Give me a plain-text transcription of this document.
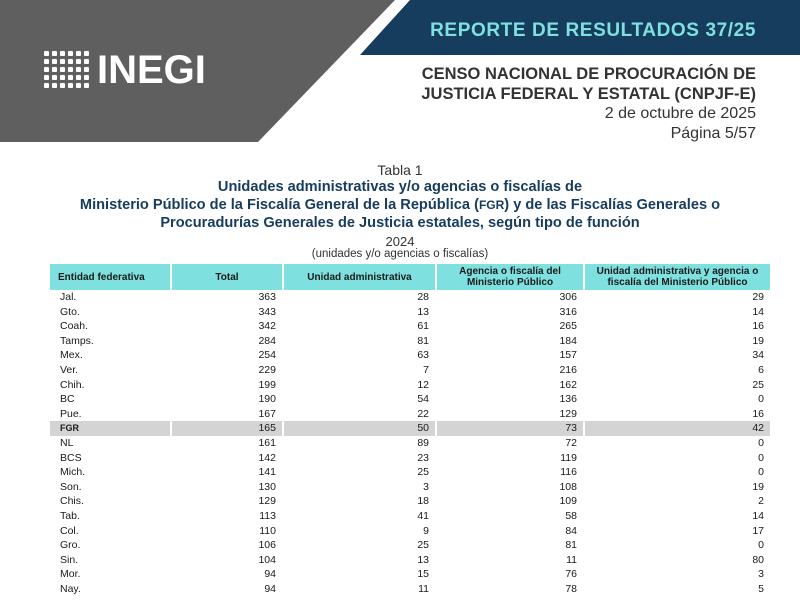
REPORTE DE RESULTADOS 37/25
INEGI	CENSO NACIONAL DE PROCURACIÓN DE
JUSTICIA FEDERAL Y ESTATAL (CNPJF-E)
2 de octubre de 2025
Página 5/57
Tabla 1
Unidades administrativas y/o agencias o fiscalías de
Ministerio Público de la Fiscalía General de la República (FGR) y de las Fiscalías Generales o
Procuradurías Generales de Justicia estatales, según tipo de función
2024
(unidades y/o agencias o fiscalías)
Entidad federativa	Total	Unidad administrativa	Agencia o fiscalía del Ministerio Público	Unidad administrativa y agencia o fiscalía del Ministerio Público
Jal.	363	28	306	29
Gto.	343	13	316	14
Coah.	342	61	265	16
Tamps.	284	81	184	19
Mex.	254	63	157	34
Ver.	229	7	216	6
Chih.	199	12	162	25
BC	190	54	136	0
Pue.	167	22	129	16
FGR	165	50	73	42
NL	161	89	72	0
BCS	142	23	119	0
Mich.	141	25	116	0
Son.	130	3	108	19
Chis.	129	18	109	2
Tab.	113	41	58	14
Col.	110	9	84	17
Gro.	106	25	81	0
Sin.	104	13	11	80
Mor.	94	15	76	3
Nay.	94	11	78	5
